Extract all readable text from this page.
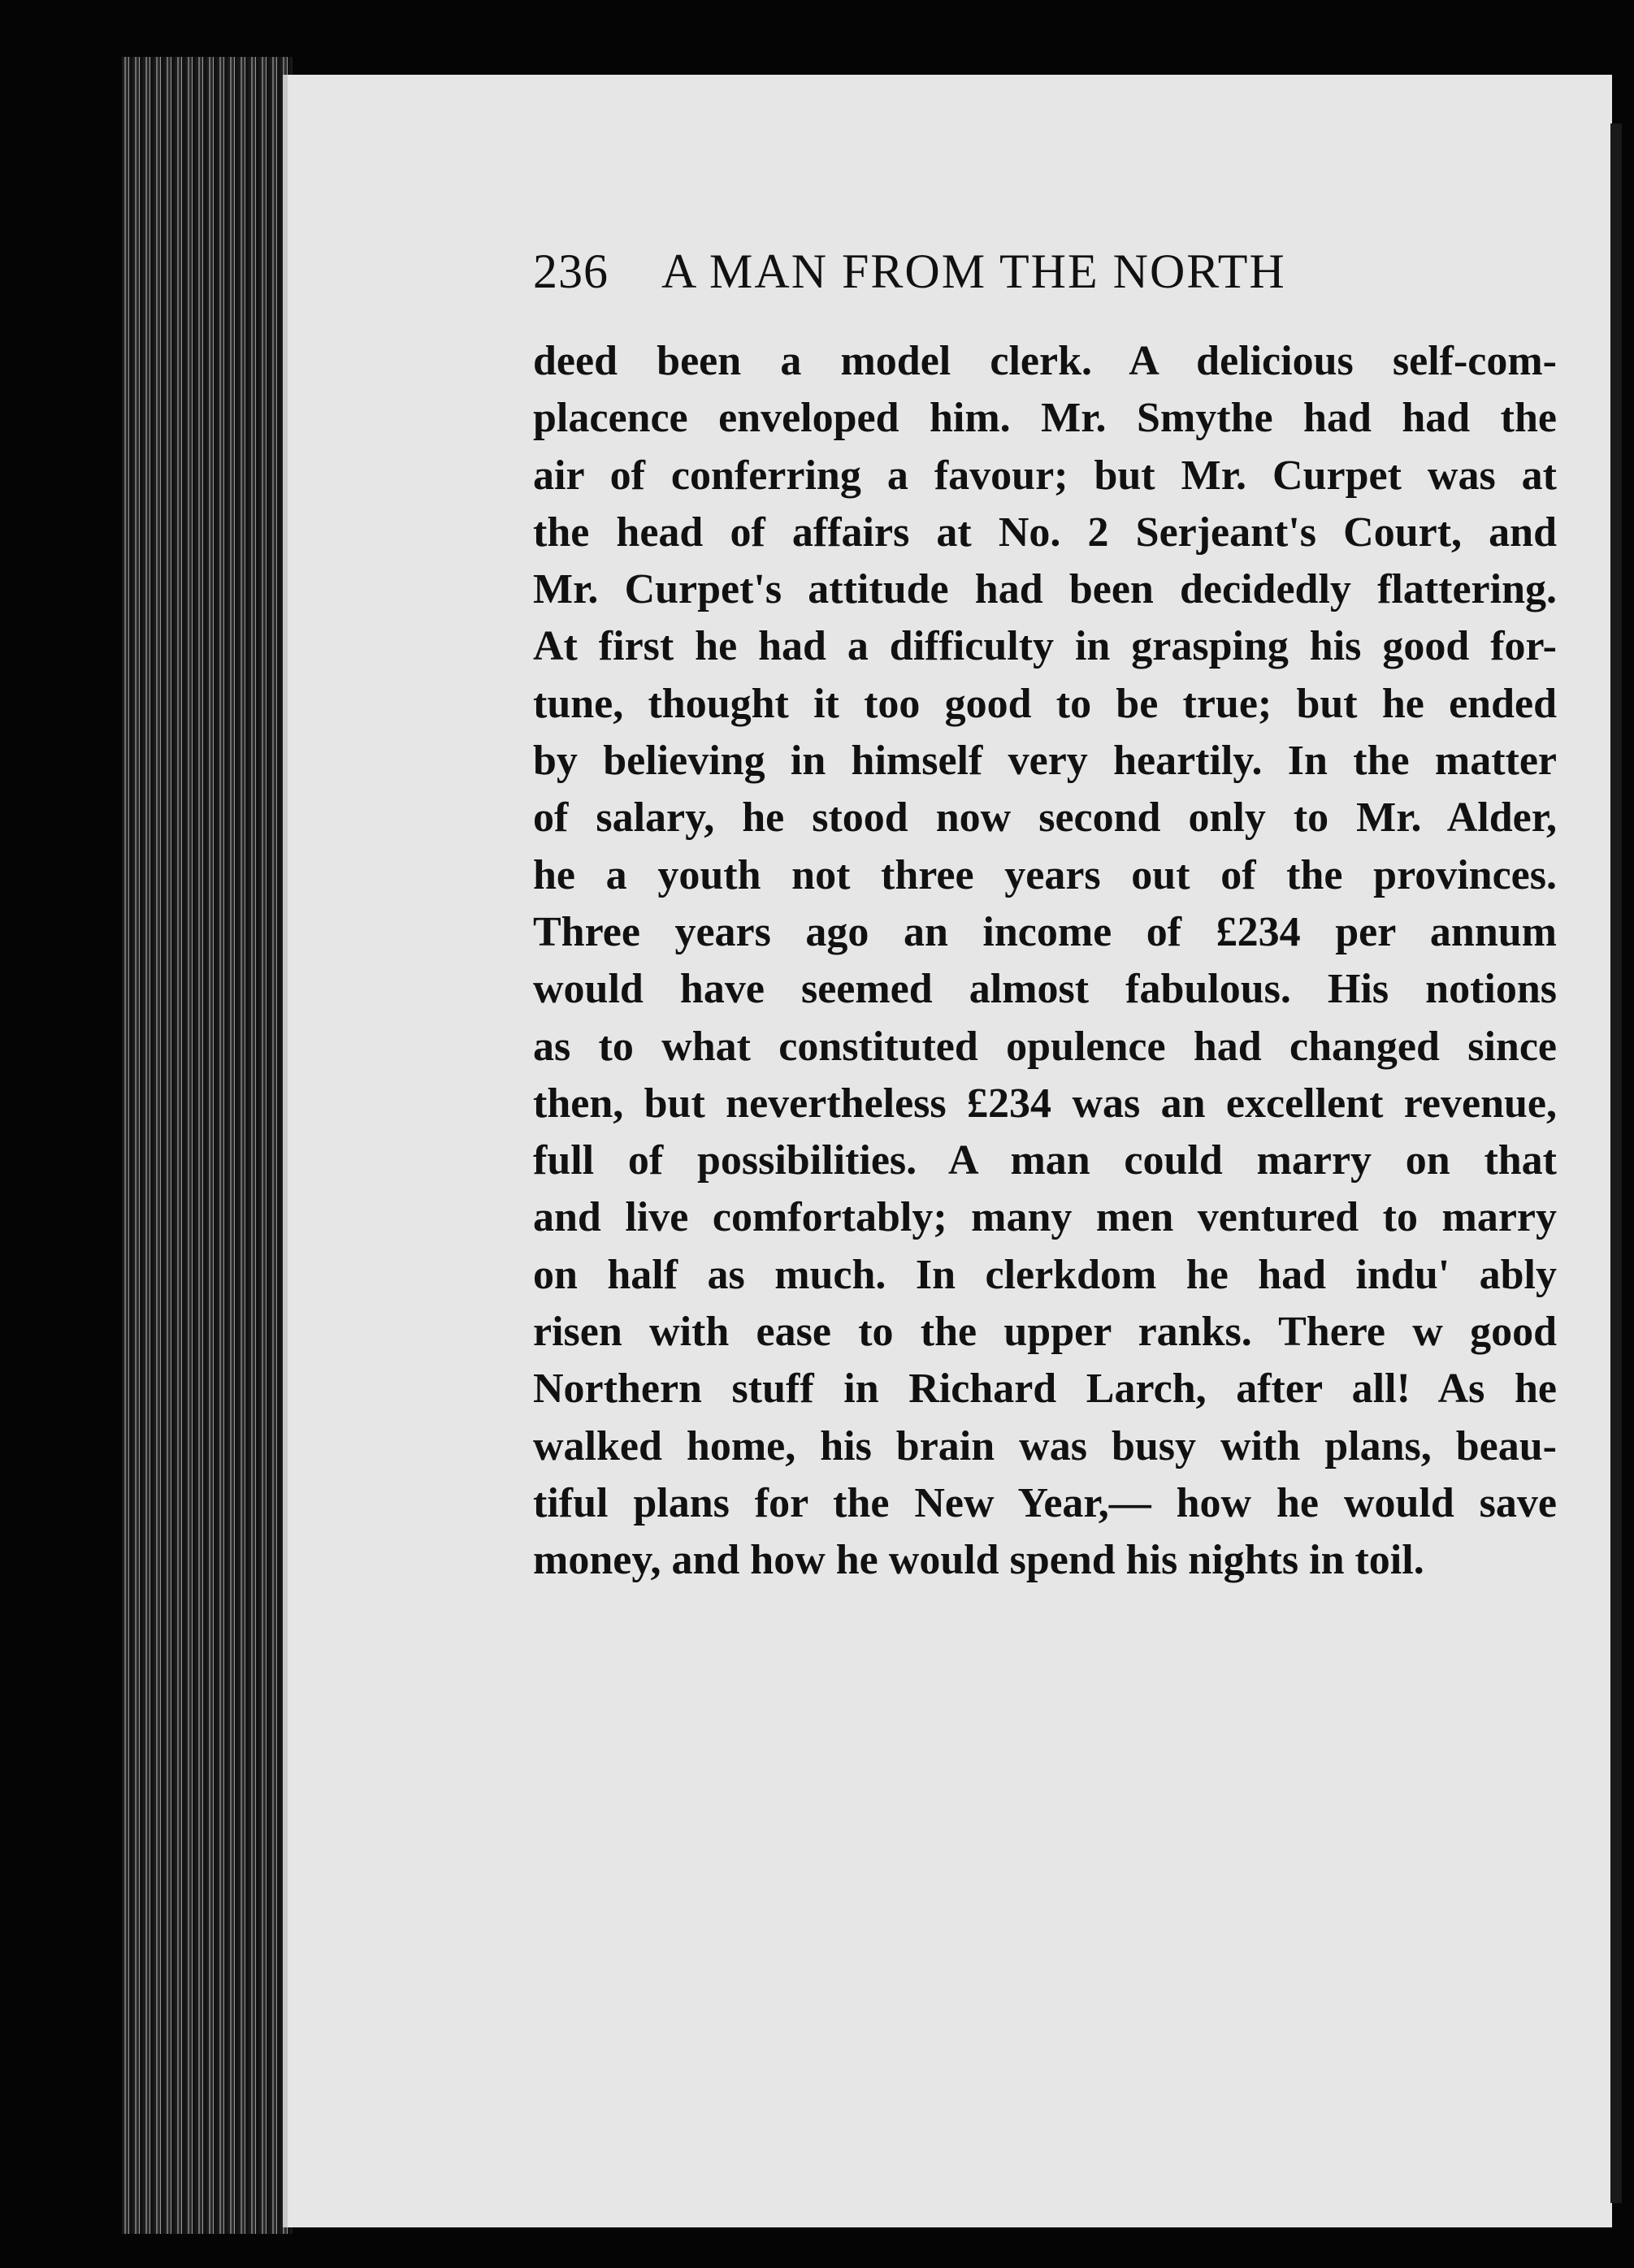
236 A MAN FROM THE NORTH
deed been a model clerk. A delicious self-com-
placence enveloped him. Mr. Smythe had had the
air of conferring a favour; but Mr. Curpet was at
the head of affairs at No. 2 Serjeant's Court, and
Mr. Curpet's attitude had been decidedly flattering.
At first he had a difficulty in grasping his good for-
tune, thought it too good to be true; but he ended
by believing in himself very heartily. In the matter
of salary, he stood now second only to Mr. Alder,
he a youth not three years out of the provinces.
Three years ago an income of £234 per annum
would have seemed almost fabulous. His notions
as to what constituted opulence had changed since
then, but nevertheless £234 was an excellent revenue,
full of possibilities. A man could marry on that
and live comfortably; many men ventured to marry
on half as much. In clerkdom he had indu' ably
risen with ease to the upper ranks. There w good
Northern stuff in Richard Larch, after all! As he
walked home, his brain was busy with plans, beau-
tiful plans for the New Year,— how he would save
money, and how he would spend his nights in toil.
